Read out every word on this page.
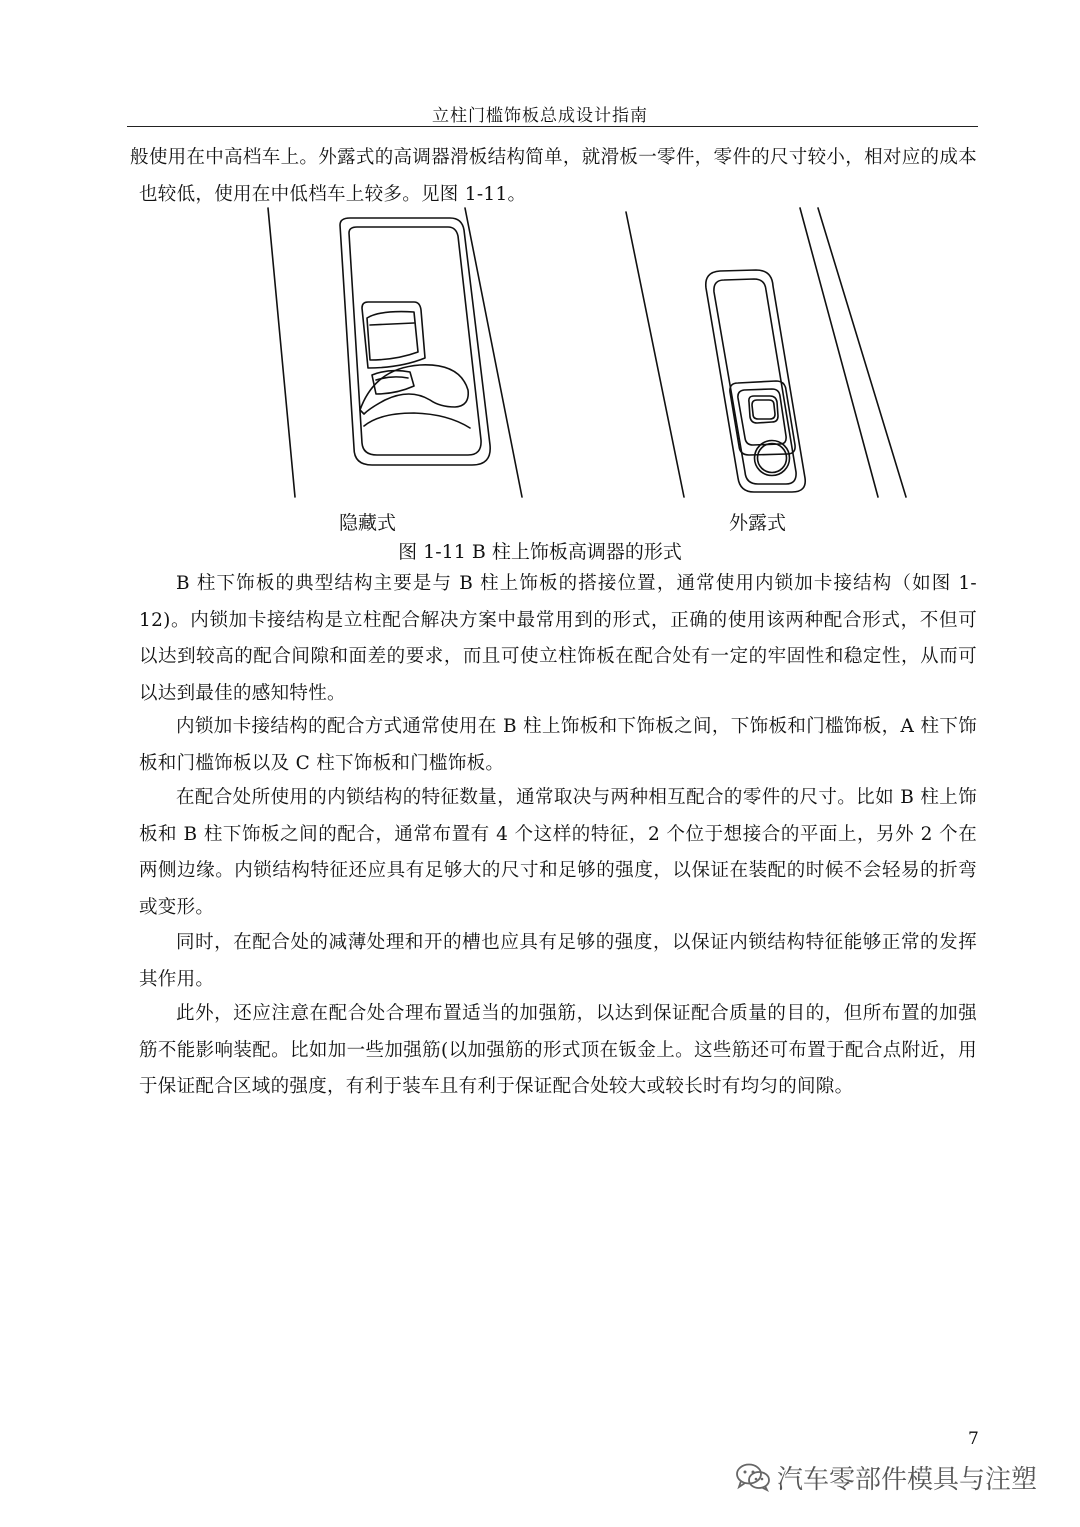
立柱门槛饰板总成设计指南

般使用在中高档车上。外露式的高调器滑板结构简单，就滑板一零件，零件的尺寸较小，相对应的成本也较低，使用在中低档车上较多。见图 1-11。

隐藏式	外露式
图 1-11 B 柱上饰板高调器的形式

B 柱下饰板的典型结构主要是与 B 柱上饰板的搭接位置，通常使用内锁加卡接结构（如图 1-12)。内锁加卡接结构是立柱配合解决方案中最常用到的形式，正确的使用该两种配合形式，不但可以达到较高的配合间隙和面差的要求，而且可使立柱饰板在配合处有一定的牢固性和稳定性，从而可以达到最佳的感知特性。

内锁加卡接结构的配合方式通常使用在 B 柱上饰板和下饰板之间，下饰板和门槛饰板，A 柱下饰板和门槛饰板以及 C 柱下饰板和门槛饰板。

在配合处所使用的内锁结构的特征数量，通常取决与两种相互配合的零件的尺寸。比如 B 柱上饰板和 B 柱下饰板之间的配合，通常布置有 4 个这样的特征，2 个位于想接合的平面上，另外 2 个在两侧边缘。内锁结构特征还应具有足够大的尺寸和足够的强度，以保证在装配的时候不会轻易的折弯或变形。

同时，在配合处的减薄处理和开的槽也应具有足够的强度，以保证内锁结构特征能够正常的发挥其作用。

此外，还应注意在配合处合理布置适当的加强筋，以达到保证配合质量的目的，但所布置的加强筋不能影响装配。比如加一些加强筋(以加强筋的形式顶在钣金上。这些筋还可布置于配合点附近，用于保证配合区域的强度，有利于装车且有利于保证配合处较大或较长时有均匀的间隙。

7
汽车零部件模具与注塑
